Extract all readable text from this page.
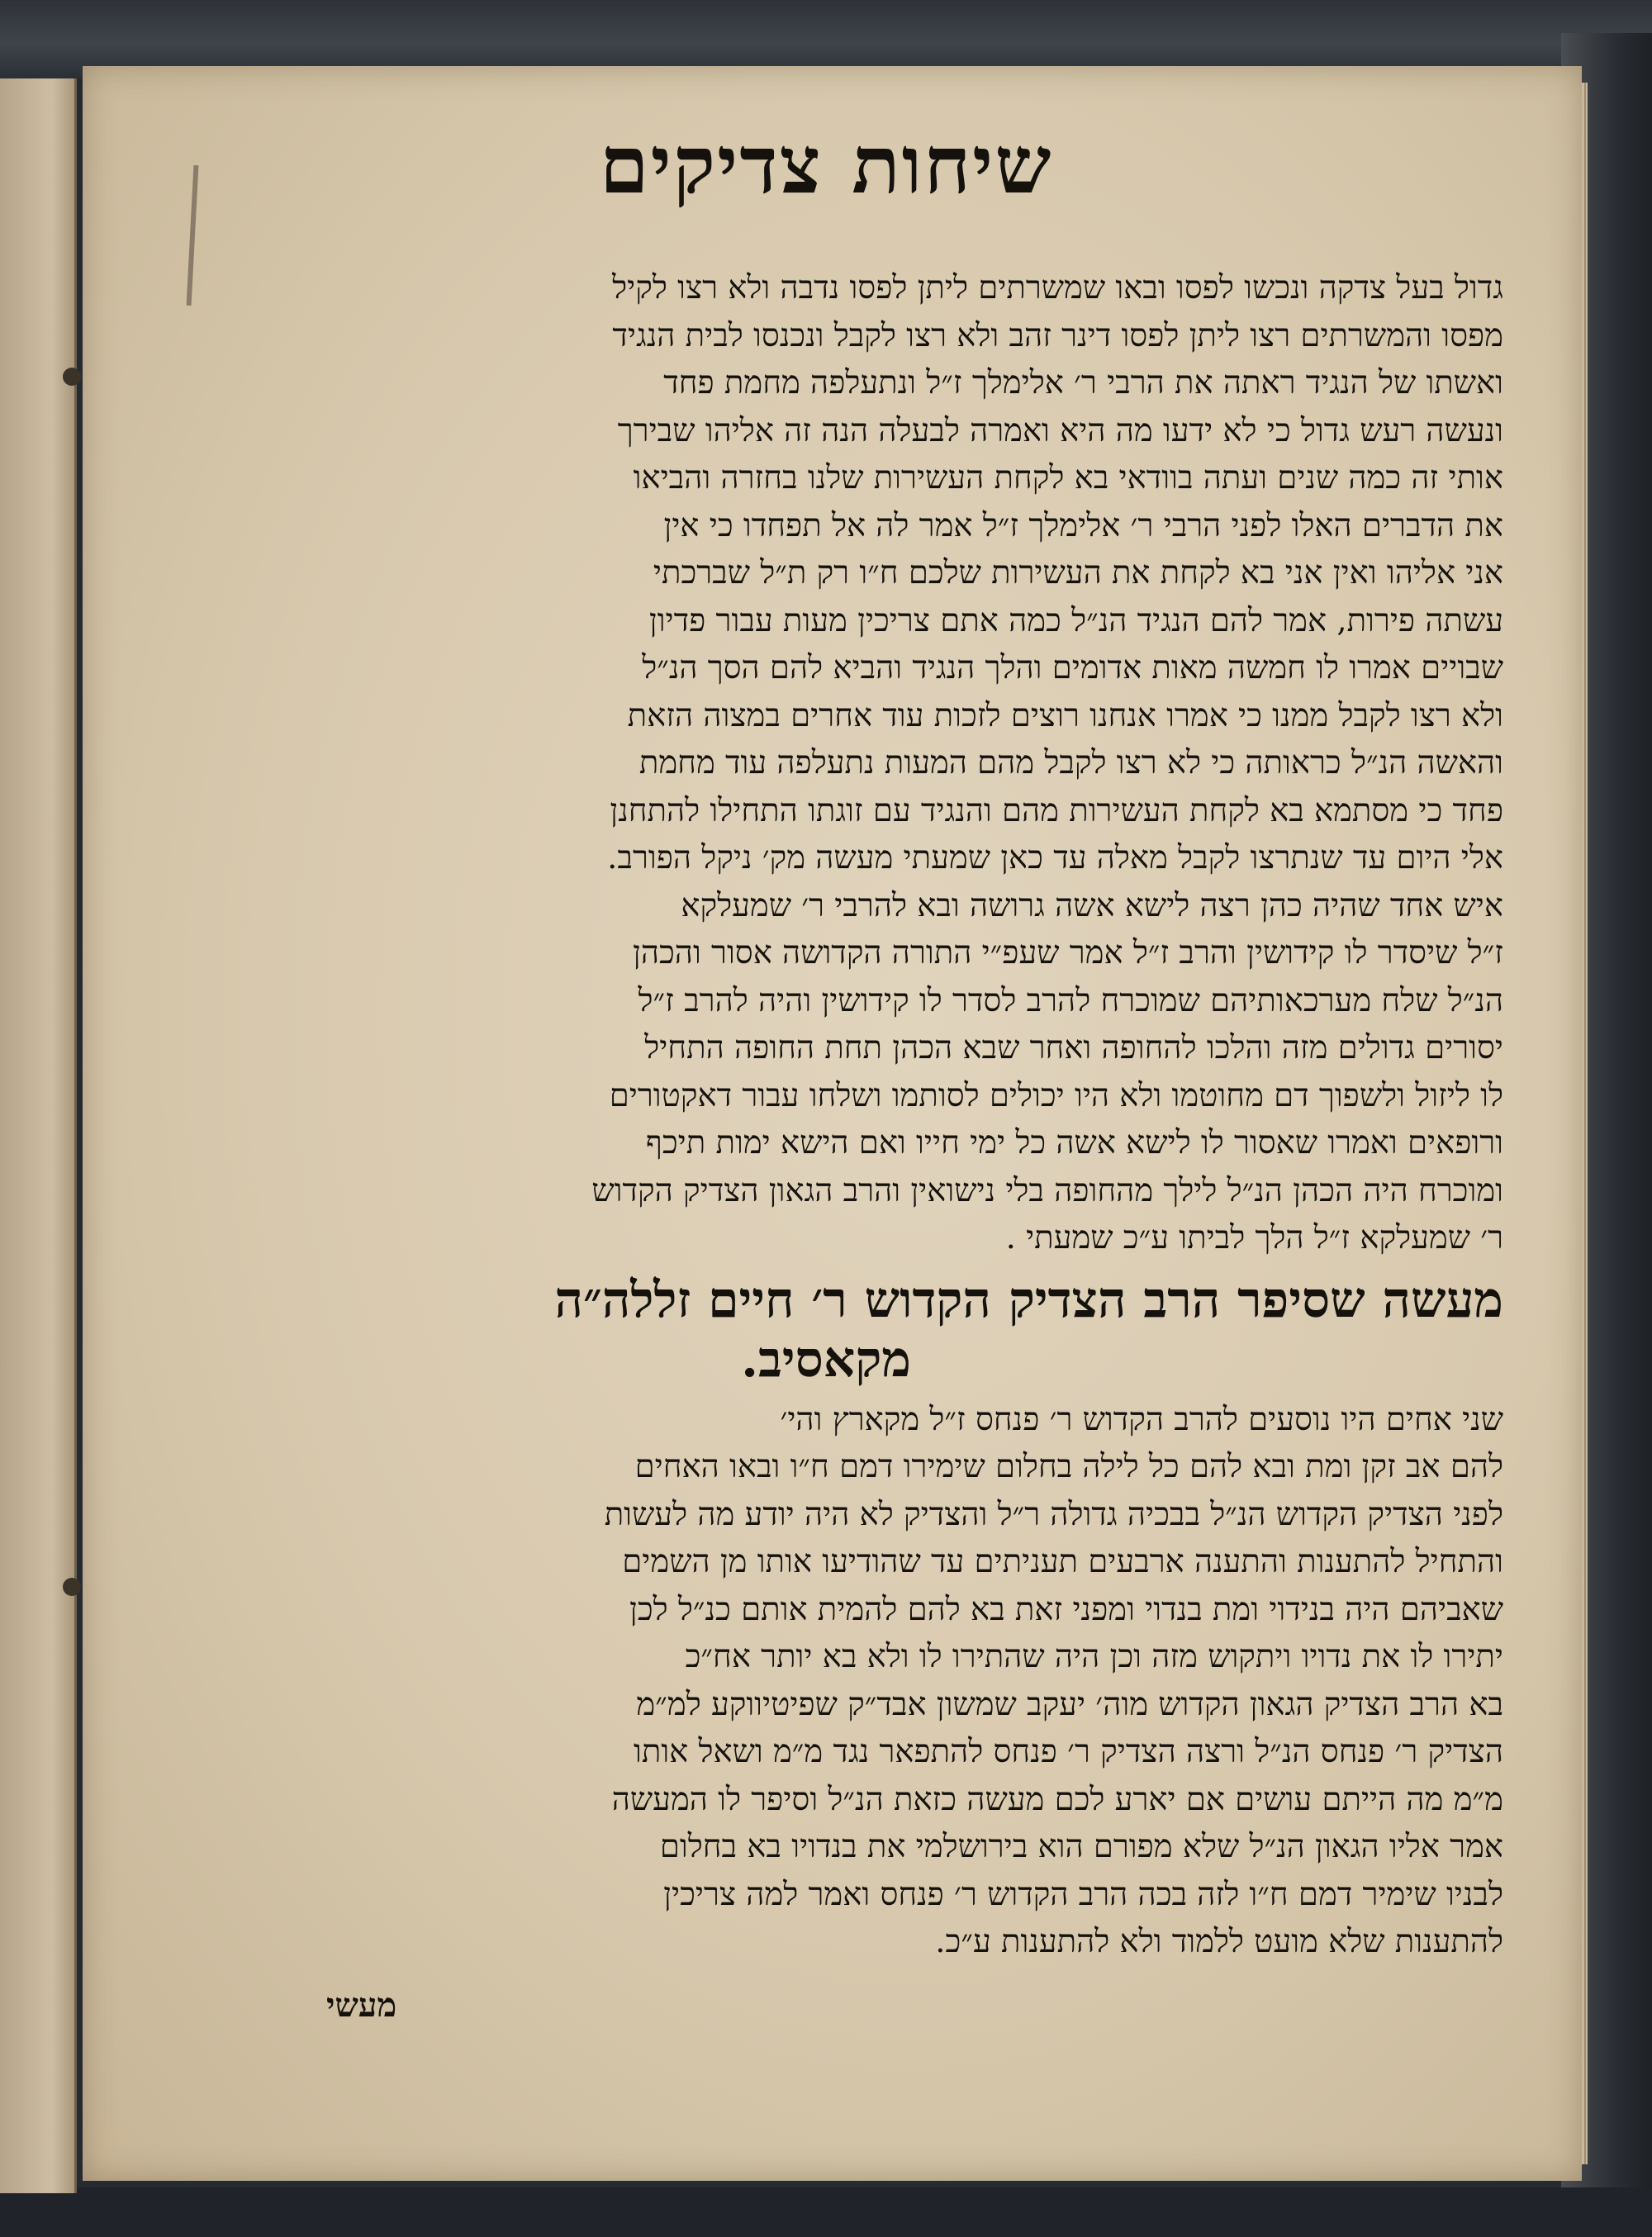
שיחות צדיקים
גדול בעל צדקה ונכשו לפסו ובאו שמשרתים ליתן לפסו נדבה ולא רצו לקיל
מפסו והמשרתים רצו ליתן לפסו דינר זהב ולא רצו לקבל ונכנסו לבית הנגיד
ואשתו של הנגיד ראתה את הרבי ר׳ אלימלך ז״ל ונתעלפה מחמת פחד
ונעשה רעש גדול כי לא ידעו מה היא ואמרה לבעלה הנה זה אליהו שבירך
אותי זה כמה שנים ועתה בוודאי בא לקחת העשירות שלנו בחזרה והביאו
את הדברים האלו לפני הרבי ר׳ אלימלך ז״ל אמר לה אל תפחדו כי אין
אני אליהו ואין אני בא לקחת את העשירות שלכם ח״ו רק ת״ל שברכתי
עשתה פירות, אמר להם הנגיד הנ״ל כמה אתם צריכין מעות עבור פדיון
שבויים אמרו לו חמשה מאות אדומים והלך הנגיד והביא להם הסך הנ״ל
ולא רצו לקבל ממנו כי אמרו אנחנו רוצים לזכות עוד אחרים במצוה הזאת
והאשה הנ״ל כראותה כי לא רצו לקבל מהם המעות נתעלפה עוד מחמת
פחד כי מסתמא בא לקחת העשירות מהם והנגיד עם זוגתו התחילו להתחנן
אלי היום עד שנתרצו לקבל מאלה עד כאן שמעתי מעשה מק׳ ניקל הפורב.
איש אחד שהיה כהן רצה לישא אשה גרושה ובא להרבי ר׳ שמעלקא
ז״ל שיסדר לו קידושין והרב ז״ל אמר שעפ״י התורה הקדושה אסור והכהן
הנ״ל שלח מערכאותיהם שמוכרח להרב לסדר לו קידושין והיה להרב ז״ל
יסורים גדולים מזה והלכו להחופה ואחר שבא הכהן תחת החופה התחיל
לו ליזול ולשפוך דם מחוטמו ולא היו יכולים לסותמו ושלחו עבור דאקטורים
ורופאים ואמרו שאסור לו לישא אשה כל ימי חייו ואם הישא ימות תיכף
ומוכרח היה הכהן הנ״ל לילך מהחופה בלי נישואין והרב הגאון הצדיק הקדוש
ר׳ שמעלקא ז״ל הלך לביתו ע״כ שמעתי .
מעשה שסיפר הרב הצדיק הקדוש ר׳ חיים זללה״ה
מקאסיב.
שני אחים היו נוסעים להרב הקדוש ר׳ פנחס ז״ל מקארץ והי׳
להם אב זקן ומת ובא להם כל לילה בחלום שימירו דמם ח״ו ובאו האחים
לפני הצדיק הקדוש הנ״ל בבכיה גדולה ר״ל והצדיק לא היה יודע מה לעשות
והתחיל להתענות והתענה ארבעים תעניתים עד שהודיעו אותו מן השמים
שאביהם היה בנידוי ומת בנדוי ומפני זאת בא להם להמית אותם כנ״ל לכן
יתירו לו את נדויו ויתקוש מזה וכן היה שהתירו לו ולא בא יותר אח״כ
בא הרב הצדיק הגאון הקדוש מוה׳ יעקב שמשון אבד״ק שפיטיווקע למ״מ
הצדיק ר׳ פנחס הנ״ל ורצה הצדיק ר׳ פנחס להתפאר נגד מ״מ ושאל אותו
מ״מ מה הייתם עושים אם יארע לכם מעשה כזאת הנ״ל וסיפר לו המעשה
אמר אליו הגאון הנ״ל שלא מפורם הוא בירושלמי את בנדויו בא בחלום
לבניו שימיר דמם ח״ו לזה בכה הרב הקדוש ר׳ פנחס ואמר למה צריכין
להתענות שלא מועט ללמוד ולא להתענות ע״כ.
מעשי
